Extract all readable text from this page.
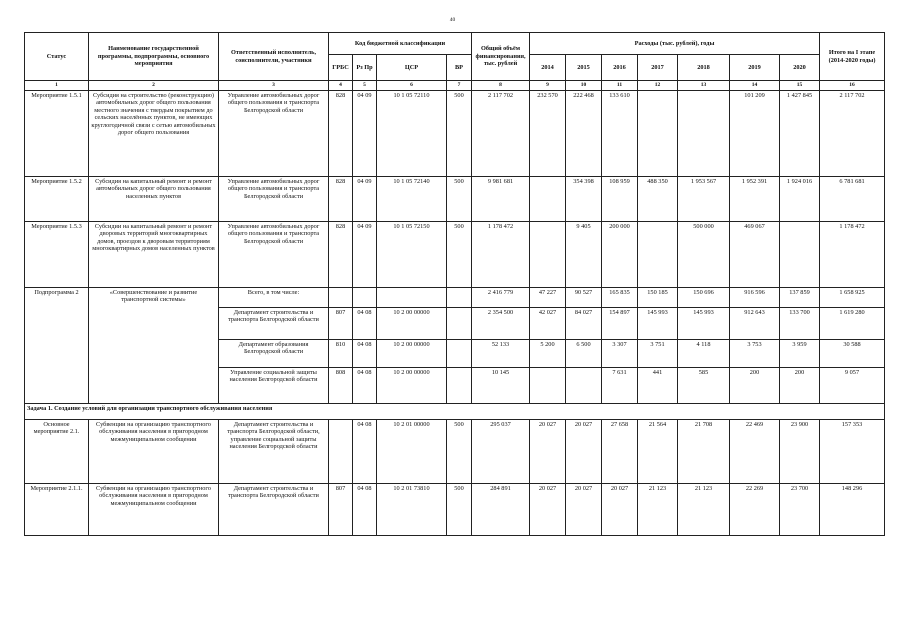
40
Статус	Наименование государственной программы, подпрограммы, основного мероприятия	Ответственный исполнитель, соисполнители, участники	Код бюджетной классификации				Общий объём финансирования, тыс. рублей	Расходы (тыс. рублей), годы							Итого на I этапе (2014-2020 годы)
			ГРБС	Рз Пр	ЦСР	ВР		2014	2015	2016	2017	2018	2019	2020	
1	2	3	4	5	6	7	8	9	10	11	12	13	14	15	16
Мероприятие 1.5.1	Субсидия на строительство (реконструкцию) автомобильных дорог общего пользования местного значения с твердым покрытием до сельских населённых пунктов, не имеющих круглогодичной связи с сетью автомобильных дорог общего пользования	Управление автомобильных дорог общего пользования и транспорта Белгородской области	828	04 09	10 1 05 72110	500	2 117 702	232 570	222 468	133 610			101 209	1 427 845	2 117 702
Мероприятие 1.5.2	Субсидия на капитальный ремонт и ремонт автомобильных дорог общего пользования населенных пунктов	Управление автомобильных дорог общего пользования и транспорта Белгородской области	828	04 09	10 1 05 72140	500	9 981 681		354 398	108 959	488 350	1 953 567	1 952 391	1 924 016	6 781 681
Мероприятие 1.5.3	Субсидии на капитальный ремонт и ремонт дворовых территорий многоквартирных домов, проездов к дворовым территориям многоквартирных домов населенных пунктов	Управление автомобильных дорог общего пользования и транспорта Белгородской области	828	04 09	10 1 05 72150	500	1 178 472		9 405	200 000		500 000	469 067		1 178 472
Подпрограмма 2	«Совершенствование и развитие транспортной системы»	Всего, в том числе:					2 416 779	47 227	90 527	165 835	150 185	150 696	916 596	137 859	1 658 925
		Департамент строительства и транспорта Белгородской области	807	04 08	10 2 00 00000		2 354 500	42 027	84 027	154 897	145 993	145 993	912 643	133 700	1 619 280
		Департамент образования Белгородской области	810	04 08	10 2 00 00000		52 133	5 200	6 500	3 307	3 751	4 118	3 753	3 959	30 588
		Управление социальной защиты населения Белгородской области	808	04 08	10 2 00 00000		10 145			7 631	441	585	200	200	9 057
Задача 1. Создание условий для организации транспортного обслуживания населения															
Основное мероприятие 2.1.	Субвенции на организацию транспортного обслуживания населения в пригородном межмуниципальном сообщении	Департамент строительства и транспорта Белгородской области, управление социальной защиты населения Белгородской области		04 08	10 2 01 00000	500	295 037	20 027	20 027	27 658	21 564	21 708	22 469	23 900	157 353
Мероприятие 2.1.1.	Субвенции на организацию транспортного обслуживания населения в пригородном межмуниципальном сообщении	Департамент строительства и транспорта Белгородской области	807	04 08	10 2 01 73810	500	284 891	20 027	20 027	20 027	21 123	21 123	22 269	23 700	148 296
